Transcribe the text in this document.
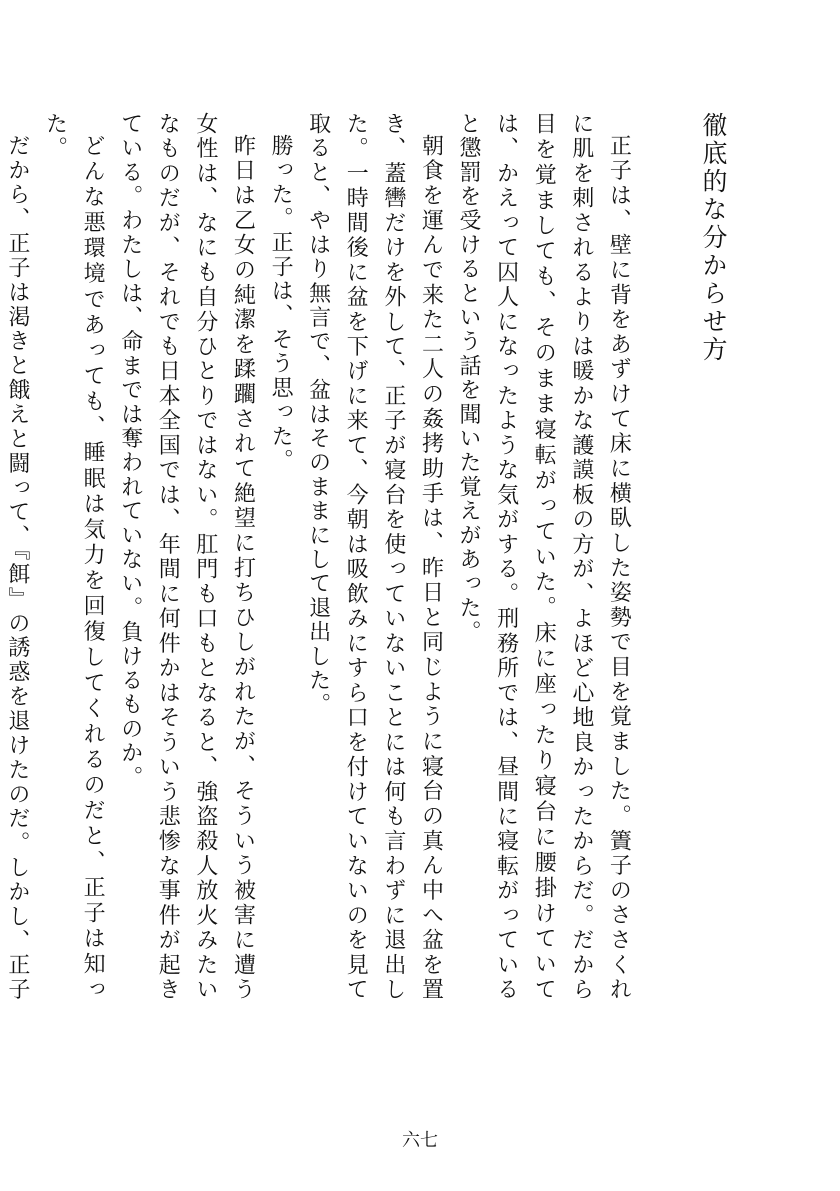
徹底的な分からせ方

正子は、壁に背をあずけて床に横臥した姿勢で目を覚ました。簀子のささくれに肌を刺されるよりは暖かな護謨板の方が、よほど心地良かったからだ。だから目を覚ましても、そのまま寝転がっていた。床に座ったり寝台に腰掛けていては、かえって囚人になったような気がする。刑務所では、昼間に寝転がっていると懲罰を受けるという話を聞いた覚えがあった。

朝食を運んで来た二人の姦拷助手は、昨日と同じように寝台の真ん中へ盆を置き、蓋轡だけを外して、正子が寝台を使っていないことには何も言わずに退出した。一時間後に盆を下げに来て、今朝は吸飲みにすら口を付けていないのを見て取ると、やはり無言で、盆はそのままにして退出した。

勝った。正子は、そう思った。

昨日は乙女の純潔を蹂躙されて絶望に打ちひしがれたが、そういう被害に遭う女性は、なにも自分ひとりではない。肛門も口もとなると、強盗殺人放火みたいなものだが、それでも日本全国では、年間に何件かはそういう悲惨な事件が起きている。わたしは、命までは奪われていない。負けるものか。

どんな悪環境であっても、睡眠は気力を回復してくれるのだと、正子は知った。

だから、正子は渇きと餓えと闘って、『餌』の誘惑を退けたのだ。しかし、正子

六七
